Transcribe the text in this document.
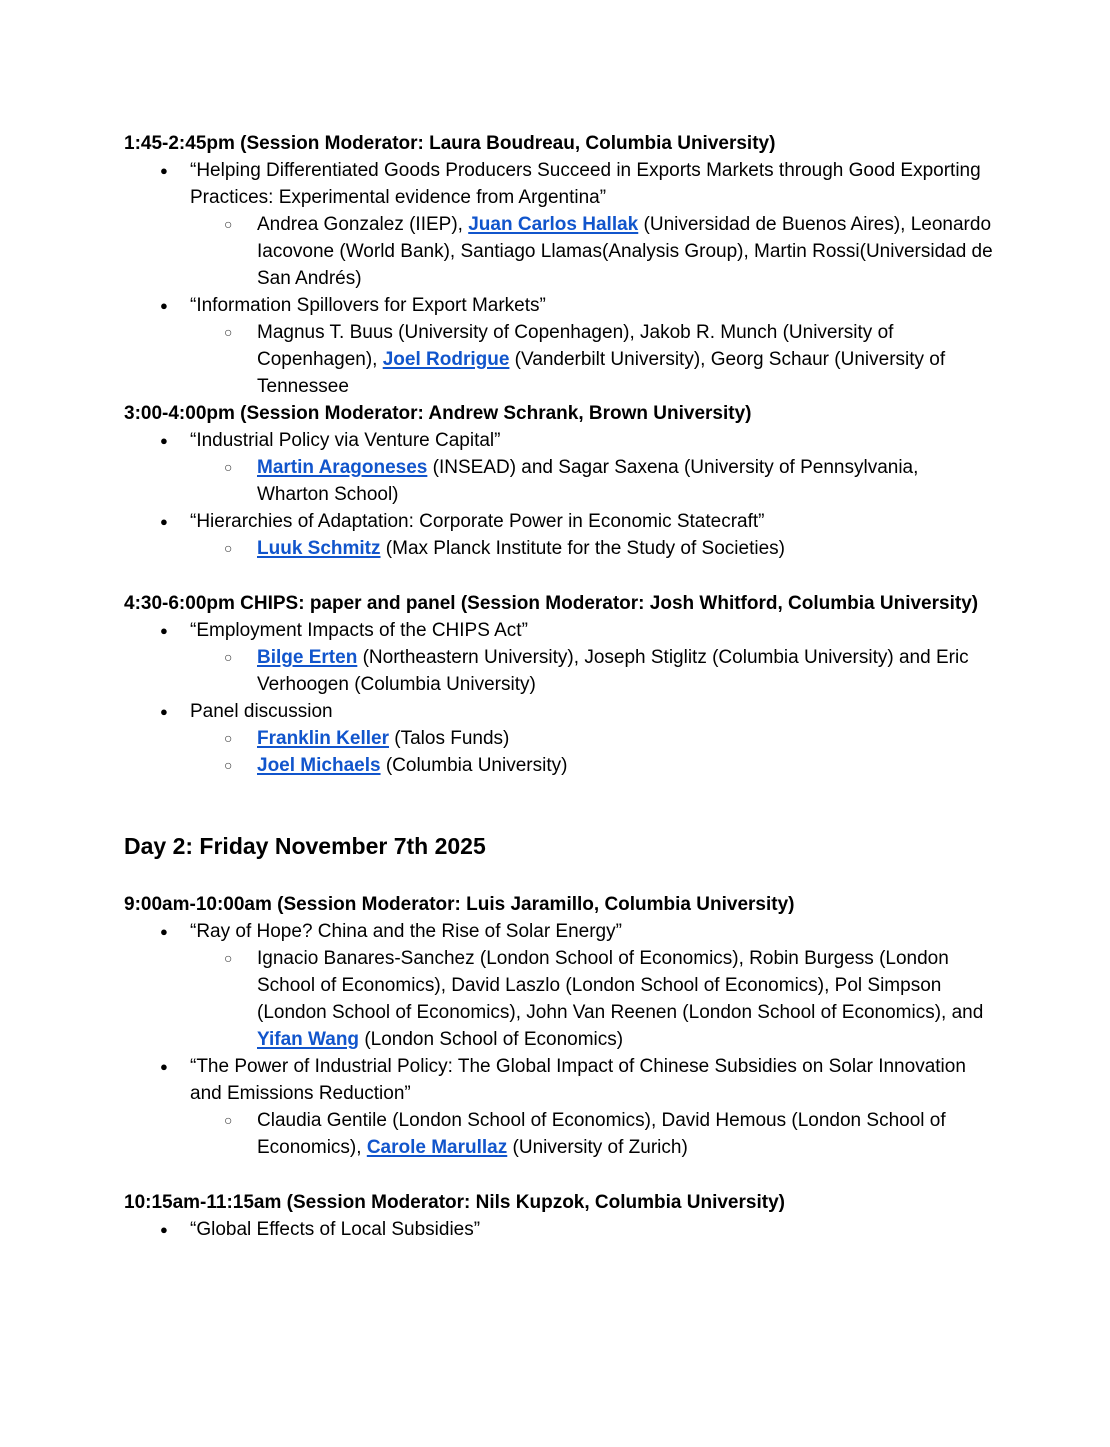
1:45-2:45pm (Session Moderator: Laura Boudreau, Columbia University)

● “Helping Differentiated Goods Producers Succeed in Exports Markets through Good Exporting Practices: Experimental evidence from Argentina”
○ Andrea Gonzalez (IIEP), Juan Carlos Hallak (Universidad de Buenos Aires), Leonardo Iacovone (World Bank), Santiago Llamas(Analysis Group), Martin Rossi(Universidad de San Andrés)
● “Information Spillovers for Export Markets”
○ Magnus T. Buus (University of Copenhagen), Jakob R. Munch (University of Copenhagen), Joel Rodrigue (Vanderbilt University), Georg Schaur (University of Tennessee

3:00-4:00pm (Session Moderator: Andrew Schrank, Brown University)

● “Industrial Policy via Venture Capital”
○ Martin Aragoneses (INSEAD) and Sagar Saxena (University of Pennsylvania, Wharton School)
● “Hierarchies of Adaptation: Corporate Power in Economic Statecraft”
○ Luuk Schmitz (Max Planck Institute for the Study of Societies)

4:30-6:00pm CHIPS: paper and panel (Session Moderator: Josh Whitford, Columbia University)

● “Employment Impacts of the CHIPS Act”
○ Bilge Erten (Northeastern University), Joseph Stiglitz (Columbia University) and Eric Verhoogen (Columbia University)
● Panel discussion
○ Franklin Keller (Talos Funds)
○ Joel Michaels (Columbia University)

Day 2: Friday November 7th 2025

9:00am-10:00am (Session Moderator: Luis Jaramillo, Columbia University)

● “Ray of Hope? China and the Rise of Solar Energy”
○ Ignacio Banares-Sanchez (London School of Economics), Robin Burgess (London School of Economics), David Laszlo (London School of Economics), Pol Simpson (London School of Economics), John Van Reenen (London School of Economics), and Yifan Wang (London School of Economics)
● “The Power of Industrial Policy: The Global Impact of Chinese Subsidies on Solar Innovation and Emissions Reduction”
○ Claudia Gentile (London School of Economics), David Hemous (London School of Economics), Carole Marullaz (University of Zurich)

10:15am-11:15am (Session Moderator: Nils Kupzok, Columbia University)

● “Global Effects of Local Subsidies”
